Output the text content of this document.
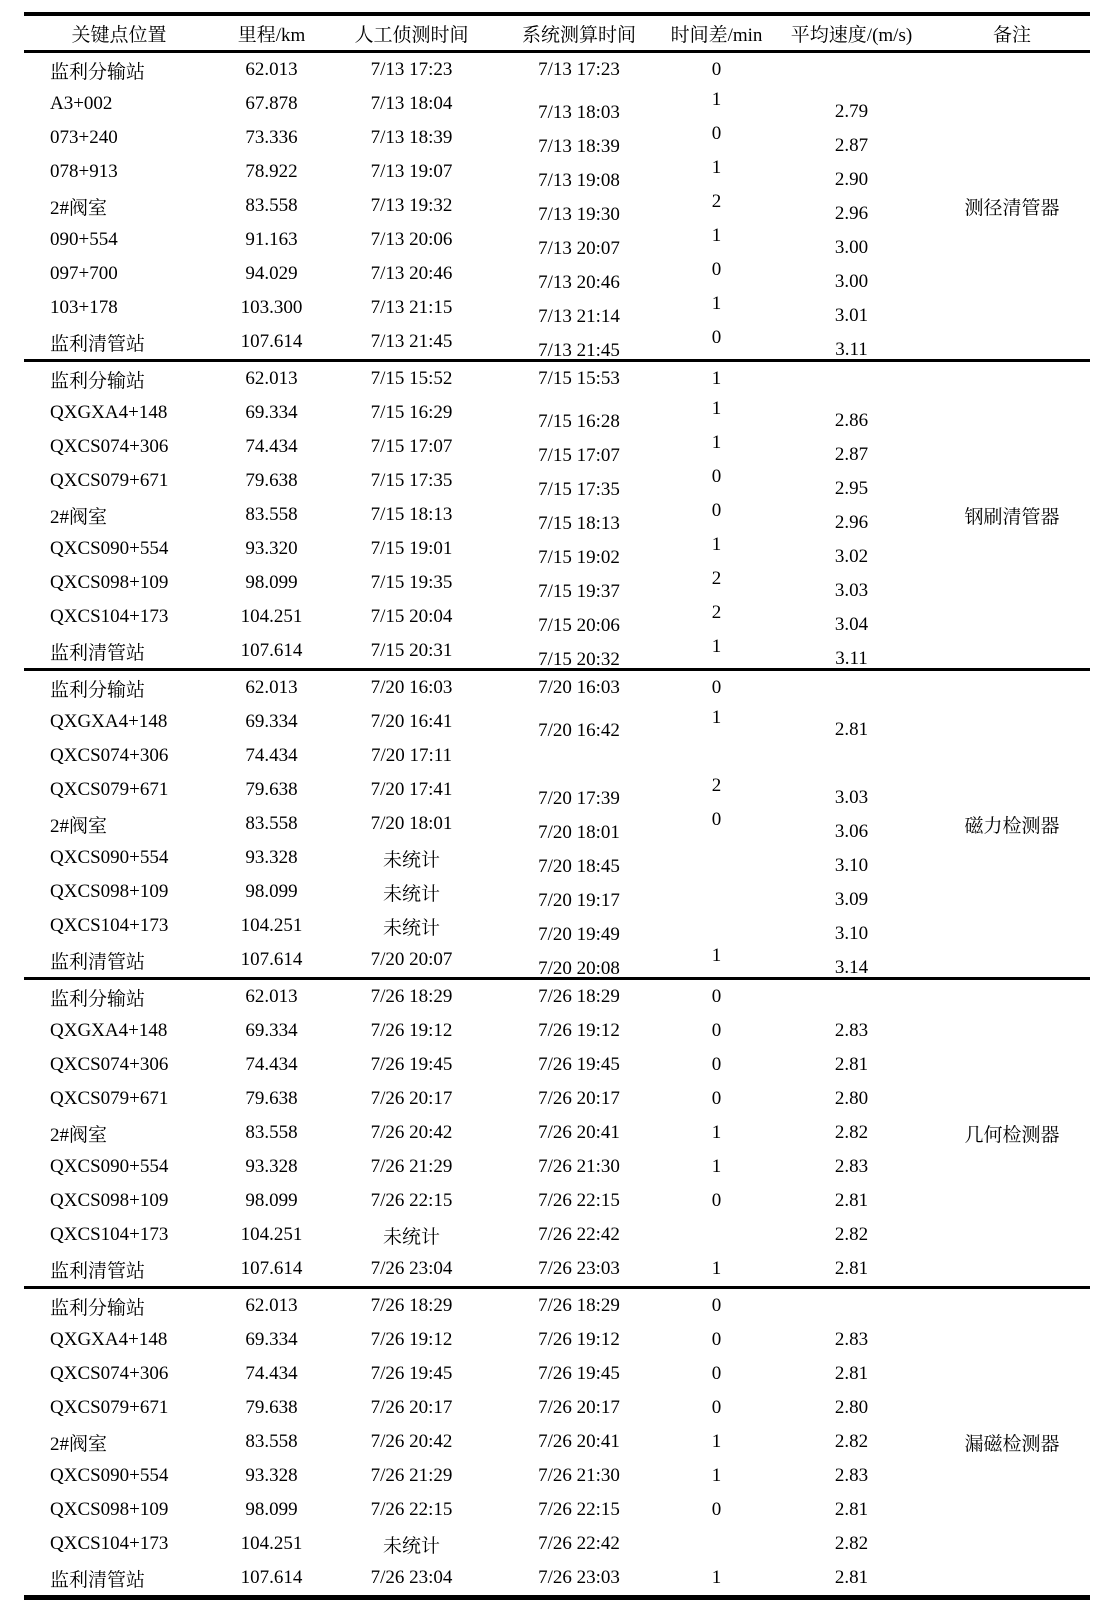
关键点位置	里程/km	人工侦测时间	系统测算时间	时间差/min	平均速度/(m/s)	备注
监利分输站	62.013	7/13 17:23	7/13 17:23	0		
A3+002	67.878	7/13 18:04	7/13 18:03	1	2.79	
073+240	73.336	7/13 18:39	7/13 18:39	0	2.87	
078+913	78.922	7/13 19:07	7/13 19:08	1	2.90	
2#阀室	83.558	7/13 19:32	7/13 19:30	2	2.96	测径清管器
090+554	91.163	7/13 20:06	7/13 20:07	1	3.00	
097+700	94.029	7/13 20:46	7/13 20:46	0	3.00	
103+178	103.300	7/13 21:15	7/13 21:14	1	3.01	
监利清管站	107.614	7/13 21:45	7/13 21:45	0	3.11	
监利分输站	62.013	7/15 15:52	7/15 15:53	1		
QXGXA4+148	69.334	7/15 16:29	7/15 16:28	1	2.86	
QXCS074+306	74.434	7/15 17:07	7/15 17:07	1	2.87	
QXCS079+671	79.638	7/15 17:35	7/15 17:35	0	2.95	
2#阀室	83.558	7/15 18:13	7/15 18:13	0	2.96	钢刷清管器
QXCS090+554	93.320	7/15 19:01	7/15 19:02	1	3.02	
QXCS098+109	98.099	7/15 19:35	7/15 19:37	2	3.03	
QXCS104+173	104.251	7/15 20:04	7/15 20:06	2	3.04	
监利清管站	107.614	7/15 20:31	7/15 20:32	1	3.11	
监利分输站	62.013	7/20 16:03	7/20 16:03	0		
QXGXA4+148	69.334	7/20 16:41	7/20 16:42	1	2.81	
QXCS074+306	74.434	7/20 17:11				
QXCS079+671	79.638	7/20 17:41	7/20 17:39	2	3.03	
2#阀室	83.558	7/20 18:01	7/20 18:01	0	3.06	磁力检测器
QXCS090+554	93.328	未统计	7/20 18:45		3.10	
QXCS098+109	98.099	未统计	7/20 19:17		3.09	
QXCS104+173	104.251	未统计	7/20 19:49		3.10	
监利清管站	107.614	7/20 20:07	7/20 20:08	1	3.14	
监利分输站	62.013	7/26 18:29	7/26 18:29	0		
QXGXA4+148	69.334	7/26 19:12	7/26 19:12	0	2.83	
QXCS074+306	74.434	7/26 19:45	7/26 19:45	0	2.81	
QXCS079+671	79.638	7/26 20:17	7/26 20:17	0	2.80	
2#阀室	83.558	7/26 20:42	7/26 20:41	1	2.82	几何检测器
QXCS090+554	93.328	7/26 21:29	7/26 21:30	1	2.83	
QXCS098+109	98.099	7/26 22:15	7/26 22:15	0	2.81	
QXCS104+173	104.251	未统计	7/26 22:42		2.82	
监利清管站	107.614	7/26 23:04	7/26 23:03	1	2.81	
监利分输站	62.013	7/26 18:29	7/26 18:29	0		
QXGXA4+148	69.334	7/26 19:12	7/26 19:12	0	2.83	
QXCS074+306	74.434	7/26 19:45	7/26 19:45	0	2.81	
QXCS079+671	79.638	7/26 20:17	7/26 20:17	0	2.80	
2#阀室	83.558	7/26 20:42	7/26 20:41	1	2.82	漏磁检测器
QXCS090+554	93.328	7/26 21:29	7/26 21:30	1	2.83	
QXCS098+109	98.099	7/26 22:15	7/26 22:15	0	2.81	
QXCS104+173	104.251	未统计	7/26 22:42		2.82	
监利清管站	107.614	7/26 23:04	7/26 23:03	1	2.81	
